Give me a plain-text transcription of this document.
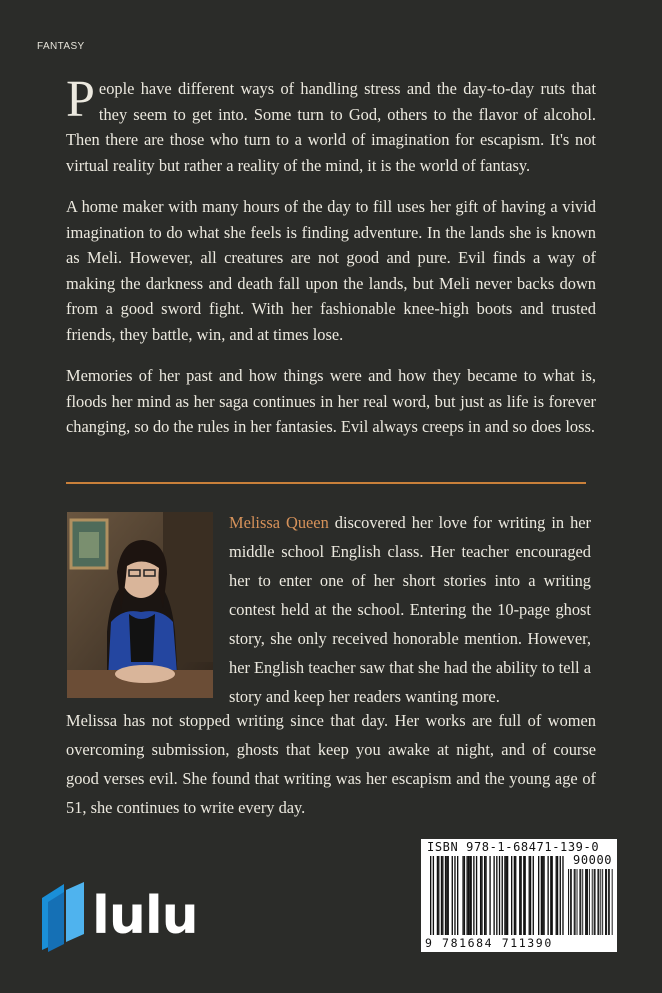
FANTASY

People have different ways of handling stress and the day-to-day ruts that they seem to get into. Some turn to God, others to the flavor of alcohol. Then there are those who turn to a world of imagination for escapism. It's not virtual reality but rather a reality of the mind, it is the world of fantasy.

A home maker with many hours of the day to fill uses her gift of having a vivid imagination to do what she feels is finding adventure. In the lands she is known as Meli. However, all creatures are not good and pure. Evil finds a way of making the darkness and death fall upon the lands, but Meli never backs down from a good sword fight. With her fashionable knee-high boots and trusted friends, they battle, win, and at times lose.

Memories of her past and how things were and how they became to what is, floods her mind as her saga continues in her real word, but just as life is forever changing, so do the rules in her fantasies. Evil always creeps in and so does loss.

Melissa Queen discovered her love for writing in her middle school English class. Her teacher encouraged her to enter one of her short stories into a writing contest held at the school. Entering the 10-page ghost story, she only received honorable mention. However, her English teacher saw that she had the ability to tell a story and keep her readers wanting more.
Melissa has not stopped writing since that day. Her works are full of women overcoming submission, ghosts that keep you awake at night, and of course good verses evil. She found that writing was her escapism and the young age of 51, she continues to write every day.
ISBN 978-1-68471-139-0
90000
9 781684 711390
lulu
